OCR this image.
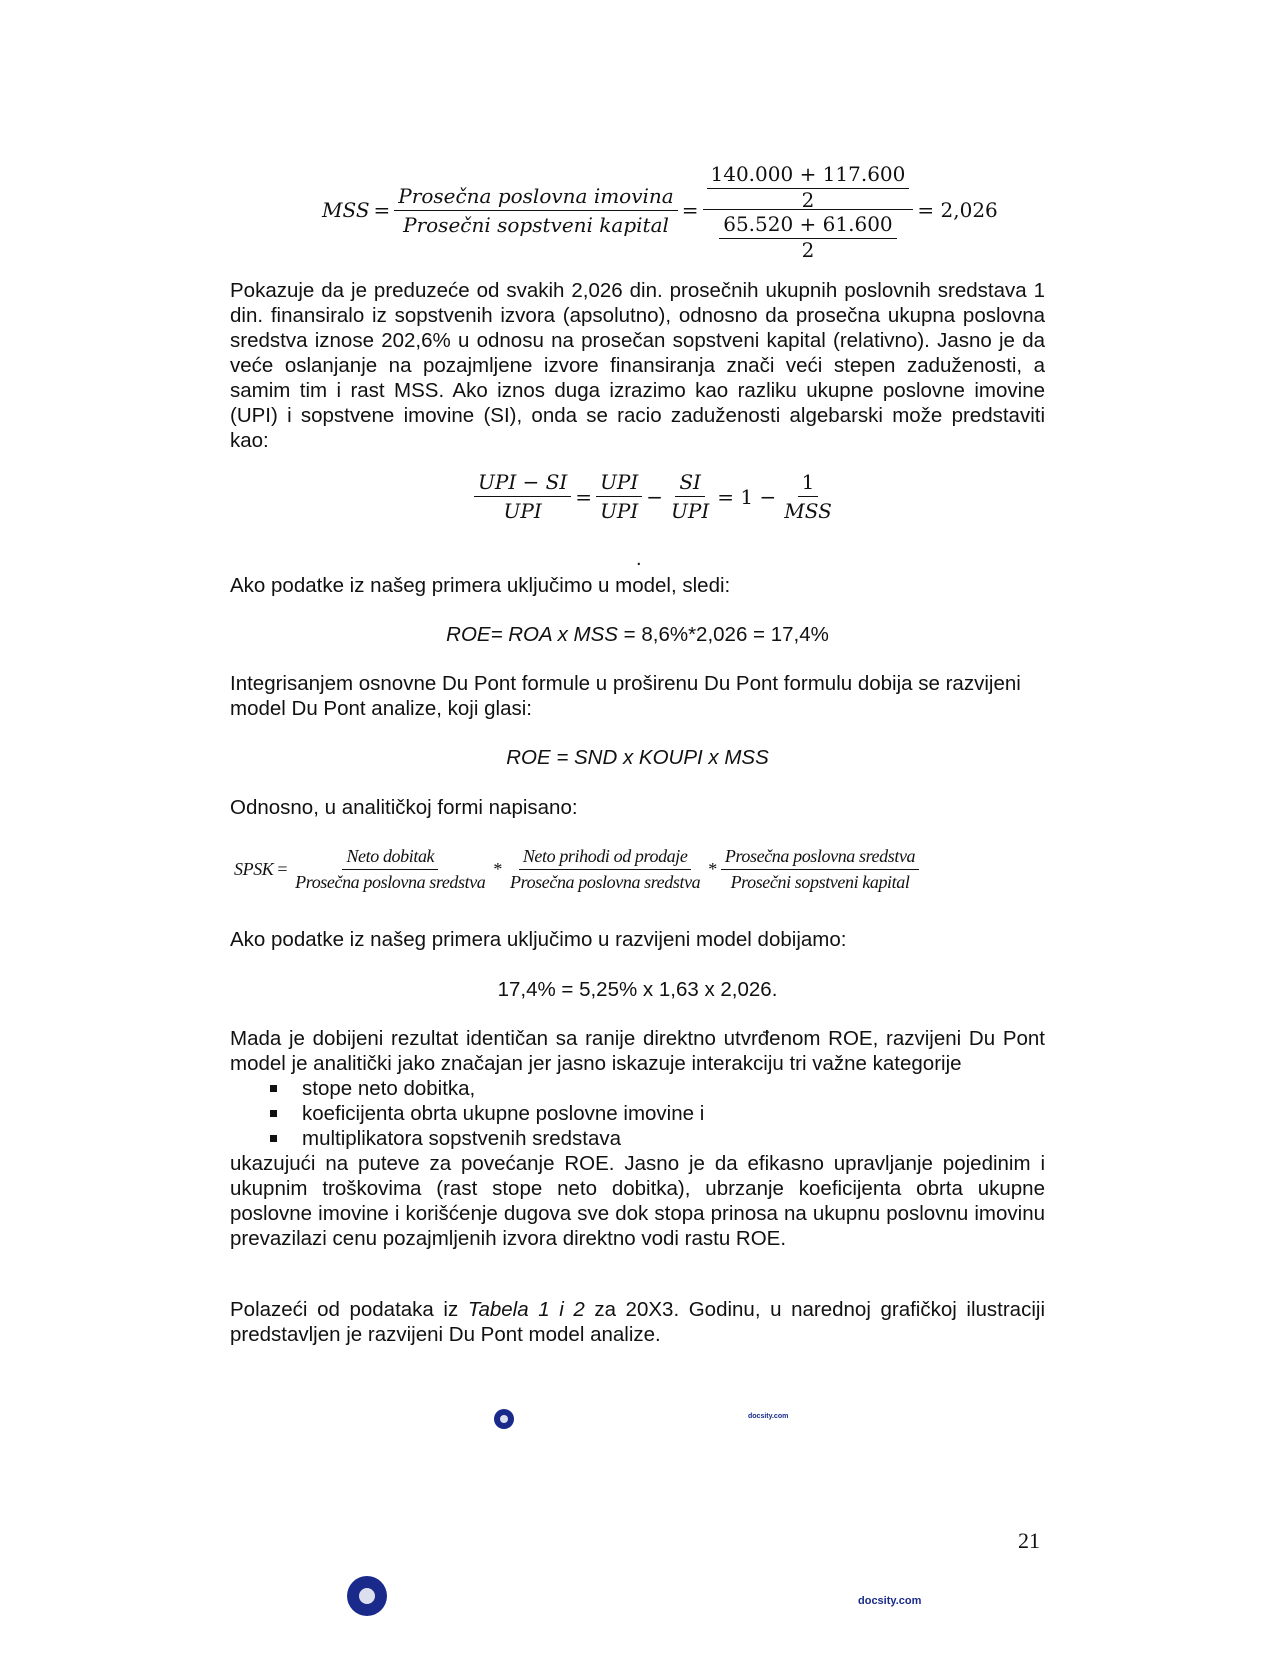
MSS = $\frac{\text{Prosečna poslovna imovina}}{\text{Prosečni sopstveni kapital}} = \frac{\frac{140.000 + 117.600}{2}}{\frac{65.520 + 61.600}{2}} = 2,026$

Pokazuje da je preduzeće od svakih 2,026 din. prosečnih ukupnih poslovnih sredstava 1 din. finansiralo iz sopstvenih izvora (apsolutno), odnosno da prosečna ukupna poslovna sredstva iznose 202,6% u odnosu na prosečan sopstveni kapital (relativno). Jasno je da veće oslanjanje na pozajmljene izvore finansiranja znači veći stepen zaduženosti, a samim tim i rast MSS. Ako iznos duga izrazimo kao razliku ukupne poslovne imovine (UPI) i sopstvene imovine (SI), onda se racio zaduženosti algebarski može predstaviti kao:

$\frac{\text{UPI − SI}}{\text{UPI}} = \frac{\text{UPI}}{\text{UPI}} - \frac{SI}{\text{UPI}} = 1 - \frac{1}{\text{MSS}}$
.
Ako podatke iz našeg primera uključimo u model, sledi:
ROE= ROA x MSS = 8,6%*2,026 = 17,4%
Integrisanjem osnovne Du Pont formule u proširenu Du Pont formulu dobija se razvijeni model Du Pont analize, koji glasi:
ROE = SND x KOUPI x MSS
Odnosno, u analitičkoj formi napisano:
SPSK = $\frac{\text{Neto dobitak}}{\text{Prosečna poslovna sredstva}} * \frac{\text{Neto prihodi od prodaje}}{\text{Prosečna poslovna sredstva}} * \frac{\text{Prosečna poslovna sredstva}}{\text{Prosečni sopstveni kapital}}$
Ako podatke iz našeg primera uključimo u razvijeni model dobijamo:
17,4% = 5,25% x 1,63 x 2,026.

Mada je dobijeni rezultat identičan sa ranije direktno utvrđenom ROE, razvijeni Du Pont model je analitički jako značajan jer jasno iskazuje interakciju tri važne kategorije

stope neto dobitka,
koeficijenta obrta ukupne poslovne imovine i
multiplikatora sopstvenih sredstava

ukazujući na puteve za povećanje ROE. Jasno je da efikasno upravljanje pojedinim i ukupnim troškovima (rast stope neto dobitka), ubrzanje koeficijenta obrta ukupne poslovne imovine i korišćenje dugova sve dok stopa prinosa na ukupnu poslovnu imovinu prevazilazi cenu pozajmljenih izvora direktno vodi rastu ROE.

Polazeći od podataka iz Tabela 1 i 2 za 20X3. Godinu, u narednoj grafičkoj ilustraciji predstavljen je razvijeni Du Pont model analize.

docsity.com
21
docsity.com
